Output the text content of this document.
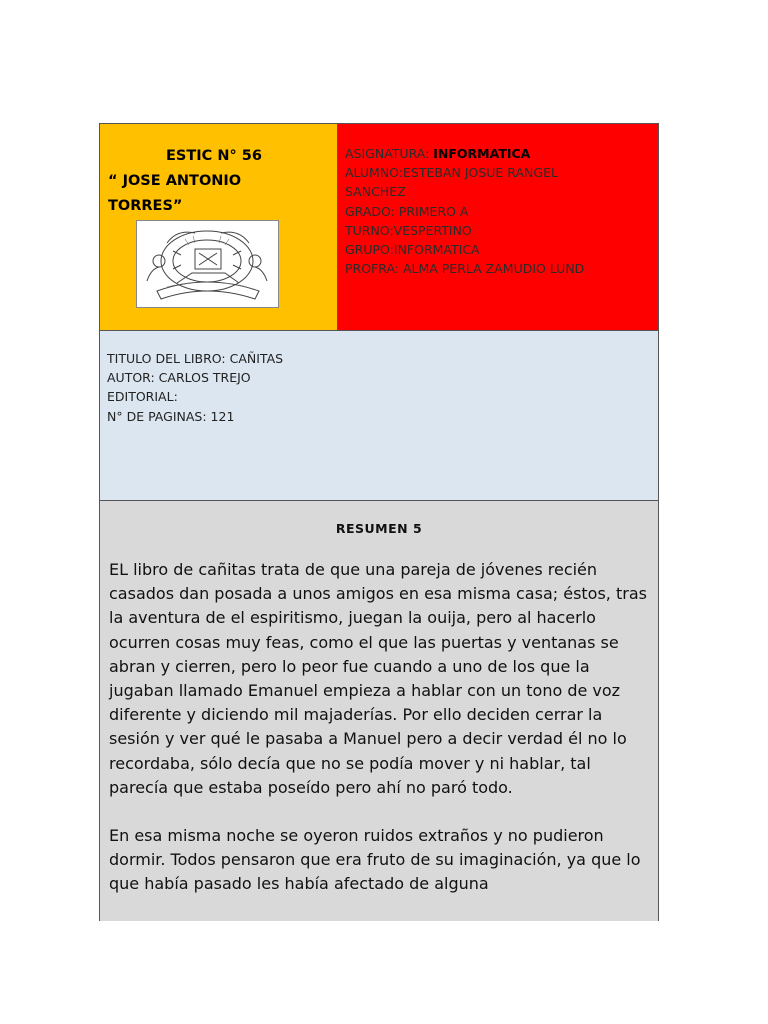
ESTIC N° 56
“ JOSE ANTONIO
TORRES”
ASIGNATURA: INFORMATICA
ALUMNO:ESTEBAN JOSUE RANGEL
SANCHEZ
GRADO: PRIMERO A
TURNO:VESPERTINO
GRUPO:INFORMATICA
PROFRA: ALMA PERLA ZAMUDIO LUND
TITULO DEL LIBRO: CAÑITAS
AUTOR: CARLOS TREJO
EDITORIAL:
N° DE PAGINAS: 121
RESUMEN 5

EL libro de cañitas trata de que una pareja de jóvenes recién casados dan posada a unos amigos en esa misma casa; éstos, tras la aventura de el espiritismo, juegan la ouija, pero al hacerlo ocurren cosas muy feas, como el que las puertas y ventanas se abran y cierren, pero lo peor fue cuando a uno de los que la jugaban llamado Emanuel empieza a hablar con un tono de voz diferente y diciendo mil majaderías. Por ello deciden cerrar la sesión y ver qué le pasaba a Manuel pero a decir verdad él no lo recordaba, sólo decía que no se podía mover y ni hablar, tal parecía que estaba poseído pero ahí no paró todo.

En esa misma noche se oyeron ruidos extraños y no pudieron dormir. Todos pensaron que era fruto de su imaginación, ya que lo que había pasado les había afectado de alguna
